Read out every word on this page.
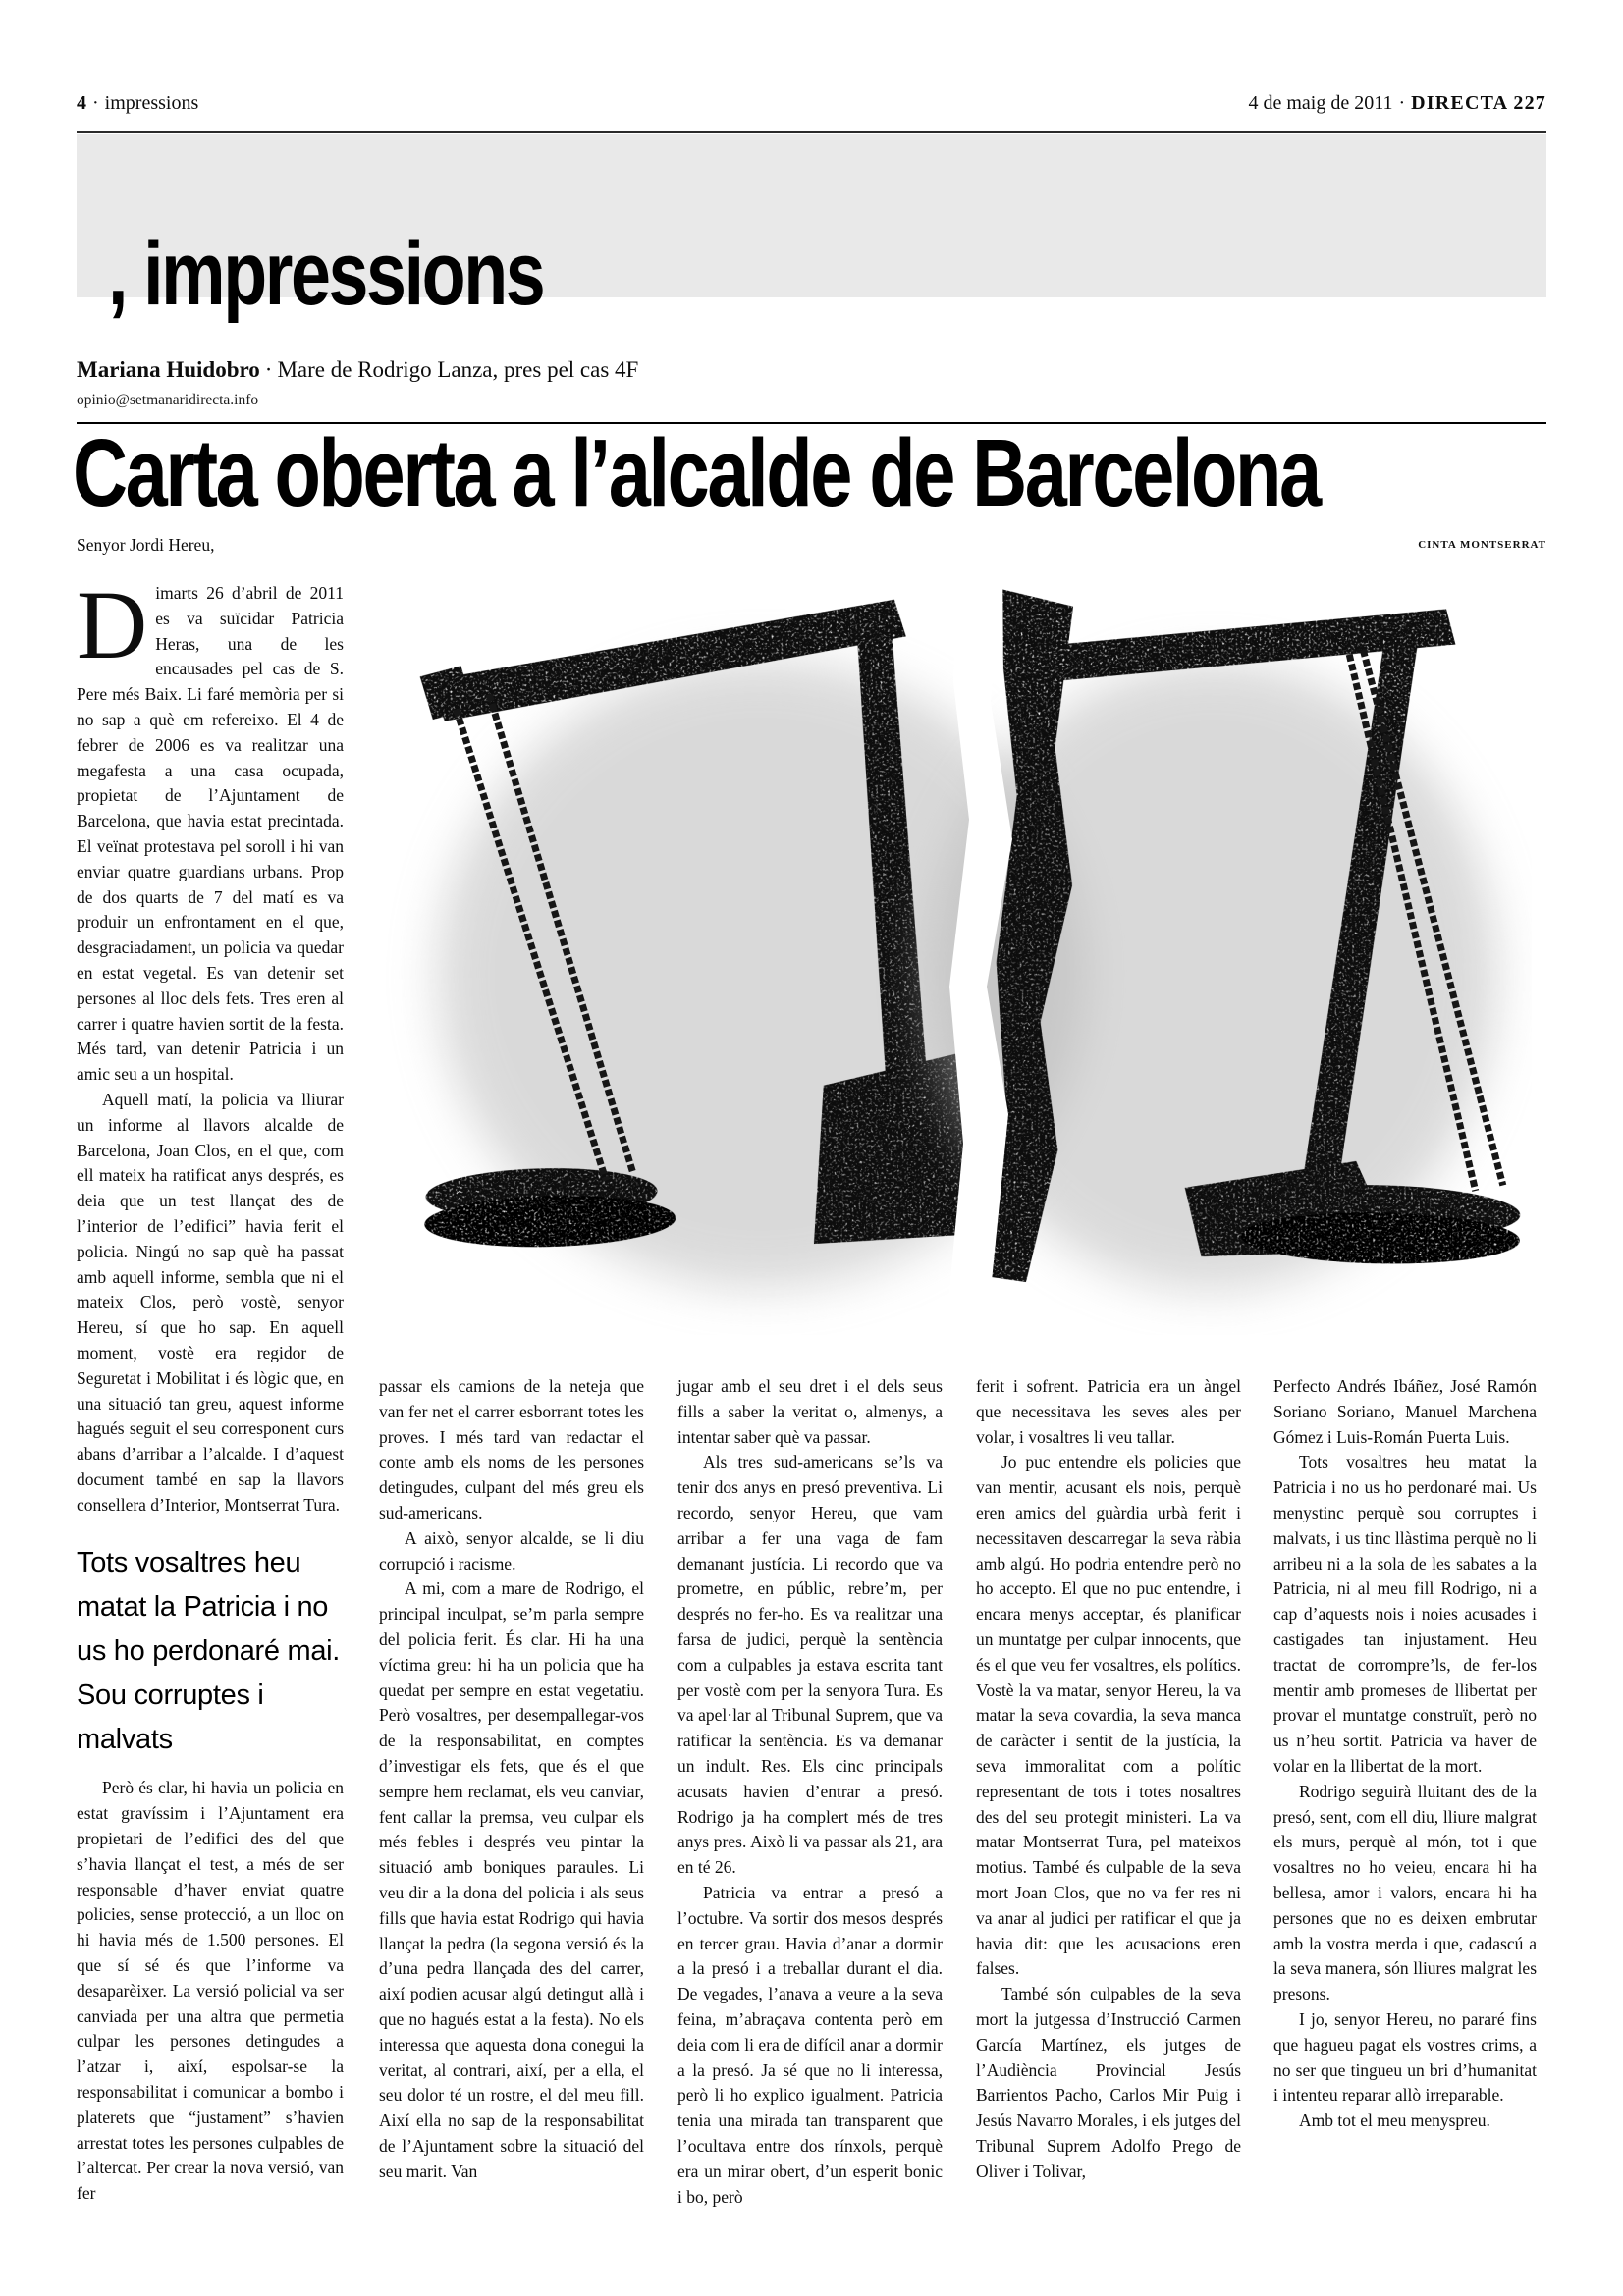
4 · impressions	4 de maig de 2011 · DIRECTA 227
, impressions
Mariana Huidobro · Mare de Rodrigo Lanza, pres pel cas 4F
opinio@setmanaridirecta.info
Carta oberta a l’alcalde de Barcelona
Senyor Jordi Hereu,	CINTA MONTSERRAT

Dimarts 26 d’abril de 2011 es va suïcidar Patricia Heras, una de les encausades pel cas de S. Pere més Baix. Li faré memòria per si no sap a què em refereixo. El 4 de febrer de 2006 es va realitzar una megafesta a una casa ocupada, propietat de l’Ajuntament de Barcelona, que havia estat precintada. El veïnat protestava pel soroll i hi van enviar quatre guardians urbans. Prop de dos quarts de 7 del matí es va produir un enfrontament en el que, desgraciadament, un policia va quedar en estat vegetal. Es van detenir set persones al lloc dels fets. Tres eren al carrer i quatre havien sortit de la festa. Més tard, van detenir Patricia i un amic seu a un hospital.

Aquell matí, la policia va lliurar un informe al llavors alcalde de Barcelona, Joan Clos, en el que, com ell mateix ha ratificat anys després, es deia que un test llançat des de l’interior de l’edifici” havia ferit el policia. Ningú no sap què ha passat amb aquell informe, sembla que ni el mateix Clos, però vostè, senyor Hereu, sí que ho sap. En aquell moment, vostè era regidor de Seguretat i Mobilitat i és lògic que, en una situació tan greu, aquest informe hagués seguit el seu corresponent curs abans d’arribar a l’alcalde. I d’aquest document també en sap la llavors consellera d’Interior, Montserrat Tura.

Tots vosaltres heu matat la Patricia i no us ho perdonaré mai. Sou corruptes i malvats

Però és clar, hi havia un policia en estat gravíssim i l’Ajuntament era propietari de l’edifici des del que s’havia llançat el test, a més de ser responsable d’haver enviat quatre policies, sense protecció, a un lloc on hi havia més de 1.500 persones. El que sí sé és que l’informe va desaparèixer. La versió policial va ser canviada per una altra que permetia culpar les persones detingudes a l’atzar i, així, espolsar-se la responsabilitat i comunicar a bombo i platerets que “justament” s’havien arrestat totes les persones culpables de l’altercat. Per crear la nova versió, van fer

passar els camions de la neteja que van fer net el carrer esborrant totes les proves. I més tard van redactar el conte amb els noms de les persones detingudes, culpant del més greu els sud-americans.

A això, senyor alcalde, se li diu corrupció i racisme.

A mi, com a mare de Rodrigo, el principal inculpat, se’m parla sempre del policia ferit. És clar. Hi ha una víctima greu: hi ha un policia que ha quedat per sempre en estat vegetatiu. Però vosaltres, per desempallegar-vos de la responsabilitat, en comptes d’investigar els fets, que és el que sempre hem reclamat, els veu canviar, fent callar la premsa, veu culpar els més febles i després veu pintar la situació amb boniques paraules. Li veu dir a la dona del policia i als seus fills que havia estat Rodrigo qui havia llançat la pedra (la segona versió és la d’una pedra llançada des del carrer, així podien acusar algú detingut allà i que no hagués estat a la festa). No els interessa que aquesta dona conegui la veritat, al contrari, així, per a ella, el seu dolor té un rostre, el del meu fill. Així ella no sap de la responsabilitat de l’Ajuntament sobre la situació del seu marit. Van

jugar amb el seu dret i el dels seus fills a saber la veritat o, almenys, a intentar saber què va passar.

Als tres sud-americans se’ls va tenir dos anys en presó preventiva. Li recordo, senyor Hereu, que vam arribar a fer una vaga de fam demanant justícia. Li recordo que va prometre, en públic, rebre’m, per després no fer-ho. Es va realitzar una farsa de judici, perquè la sentència com a culpables ja estava escrita tant per vostè com per la senyora Tura. Es va apel·lar al Tribunal Suprem, que va ratificar la sentència. Es va demanar un indult. Res. Els cinc principals acusats havien d’entrar a presó. Rodrigo ja ha complert més de tres anys pres. Això li va passar als 21, ara en té 26.

Patricia va entrar a presó a l’octubre. Va sortir dos mesos després en tercer grau. Havia d’anar a dormir a la presó i a treballar durant el dia. De vegades, l’anava a veure a la seva feina, m’abraçava contenta però em deia com li era de difícil anar a dormir a la presó. Ja sé que no li interessa, però li ho explico igualment. Patricia tenia una mirada tan transparent que l’ocultava entre dos rínxols, perquè era un mirar obert, d’un esperit bonic i bo, però

ferit i sofrent. Patricia era un àngel que necessitava les seves ales per volar, i vosaltres li veu tallar.

Jo puc entendre els policies que van mentir, acusant els nois, perquè eren amics del guàrdia urbà ferit i necessitaven descarregar la seva ràbia amb algú. Ho podria entendre però no ho accepto. El que no puc entendre, i encara menys acceptar, és planificar un muntatge per culpar innocents, que és el que veu fer vosaltres, els polítics. Vostè la va matar, senyor Hereu, la va matar la seva covardia, la seva manca de caràcter i sentit de la justícia, la seva immoralitat com a polític representant de tots i totes nosaltres des del seu protegit ministeri. La va matar Montserrat Tura, pel mateixos motius. També és culpable de la seva mort Joan Clos, que no va fer res ni va anar al judici per ratificar el que ja havia dit: que les acusacions eren falses.

També són culpables de la seva mort la jutgessa d’Instrucció Carmen García Martínez, els jutges de l’Audiència Provincial Jesús Barrientos Pacho, Carlos Mir Puig i Jesús Navarro Morales, i els jutges del Tribunal Suprem Adolfo Prego de Oliver i Tolivar,

Perfecto Andrés Ibáñez, José Ramón Soriano Soriano, Manuel Marchena Gómez i Luis-Román Puerta Luis.

Tots vosaltres heu matat la Patricia i no us ho perdonaré mai. Us menystinc perquè sou corruptes i malvats, i us tinc llàstima perquè no li arribeu ni a la sola de les sabates a la Patricia, ni al meu fill Rodrigo, ni a cap d’aquests nois i noies acusades i castigades tan injustament. Heu tractat de corrompre’ls, de fer-los mentir amb promeses de llibertat per provar el muntatge construït, però no us n’heu sortit. Patricia va haver de volar en la llibertat de la mort.

Rodrigo seguirà lluitant des de la presó, sent, com ell diu, lliure malgrat els murs, perquè al món, tot i que vosaltres no ho veieu, encara hi ha bellesa, amor i valors, encara hi ha persones que no es deixen embrutar amb la vostra merda i que, cadascú a la seva manera, són lliures malgrat les presons.

I jo, senyor Hereu, no pararé fins que hagueu pagat els vostres crims, a no ser que tingueu un bri d’humanitat i intenteu reparar allò irreparable.

Amb tot el meu menyspreu.
